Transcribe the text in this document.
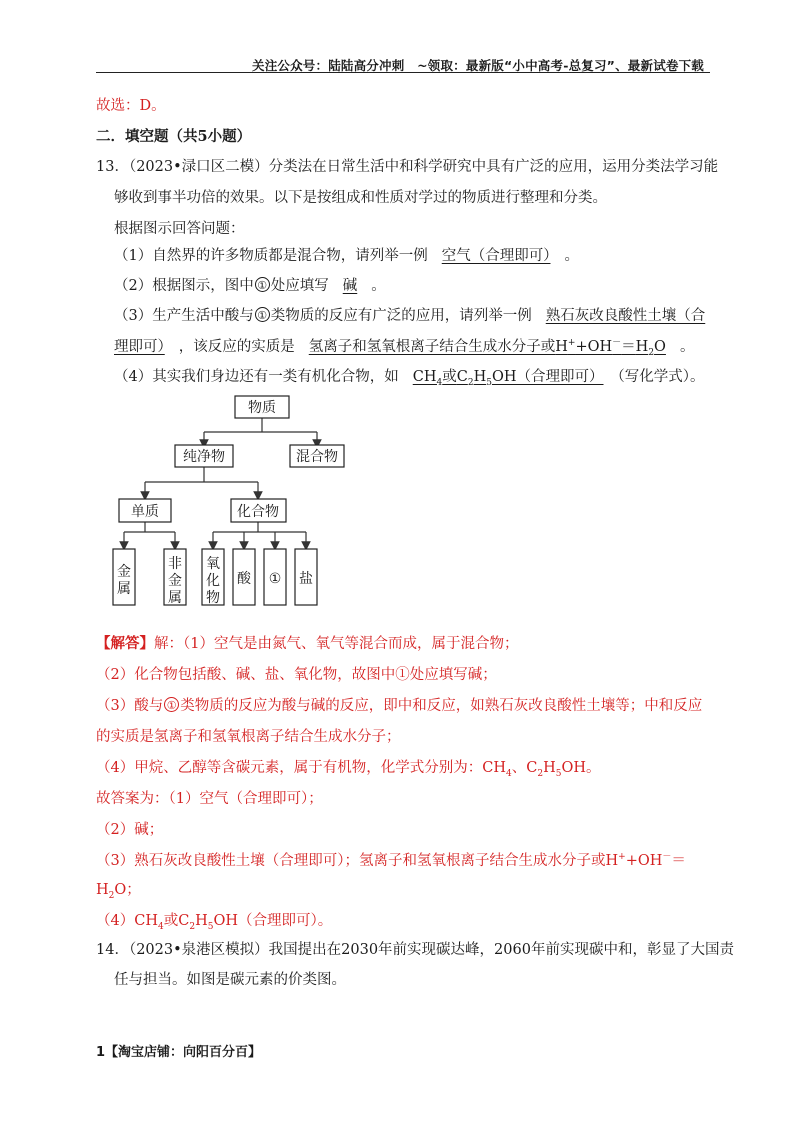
关注公众号：陆陆高分冲刺　~领取：最新版“小中高考-总复习”、最新试卷下载
故选：D。
二．填空题（共5小题）
13．（2023•渌口区二模）分类法在日常生活中和科学研究中具有广泛的应用，运用分类法学习能
够收到事半功倍的效果。以下是按组成和性质对学过的物质进行整理和分类。
根据图示回答问题：
（1）自然界的许多物质都是混合物，请列举一例 空气（合理即可） 。
（2）根据图示，图中 ① 处应填写 碱 。
（3）生产生活中酸与 ① 类物质的反应有广泛的应用，请列举一例 熟石灰改良酸性土壤（合
理即可） ，该反应的实质是 氢离子和氢氧根离子结合生成水分子或$H^++OH^-=H_2O$ 。
（4）其实我们身边还有一类有机化合物，如 $CH_4$或$C_2H_5OH$（合理即可） （写化学式）。
物质
纯净物	混合物
单质	化合物
酸 ① 盐
金属
非金属
氧化物
【解答】解：（1）空气是由氮气、氧气等混合而成，属于混合物；
（2）化合物包括酸、碱、盐、氧化物，故图中①处应填写碱；
（3）酸与 ① 类物质的反应为酸与碱的反应，即中和反应，如熟石灰改良酸性土壤等；中和反应
的实质是氢离子和氢氧根离子结合生成水分子；
（4）甲烷、乙醇等含碳元素，属于有机物，化学式分别为：$CH_4$、$C_2H_5OH$。
故答案为：（1）空气（合理即可）；
（2）碱；
（3）熟石灰改良酸性土壤（合理即可）；氢离子和氢氧根离子结合生成水分子或H++OH－＝
$H_2O$；
$(4)CH_4$或$C_2H_5OH$（合理即可）。
14．（2023•泉港区模拟）我国提出在2030年前实现碳达峰，2060年前实现碳中和，彰显了大国责
任与担当。如图是碳元素的价类图。
1【淘宝店铺：向阳百分百】
